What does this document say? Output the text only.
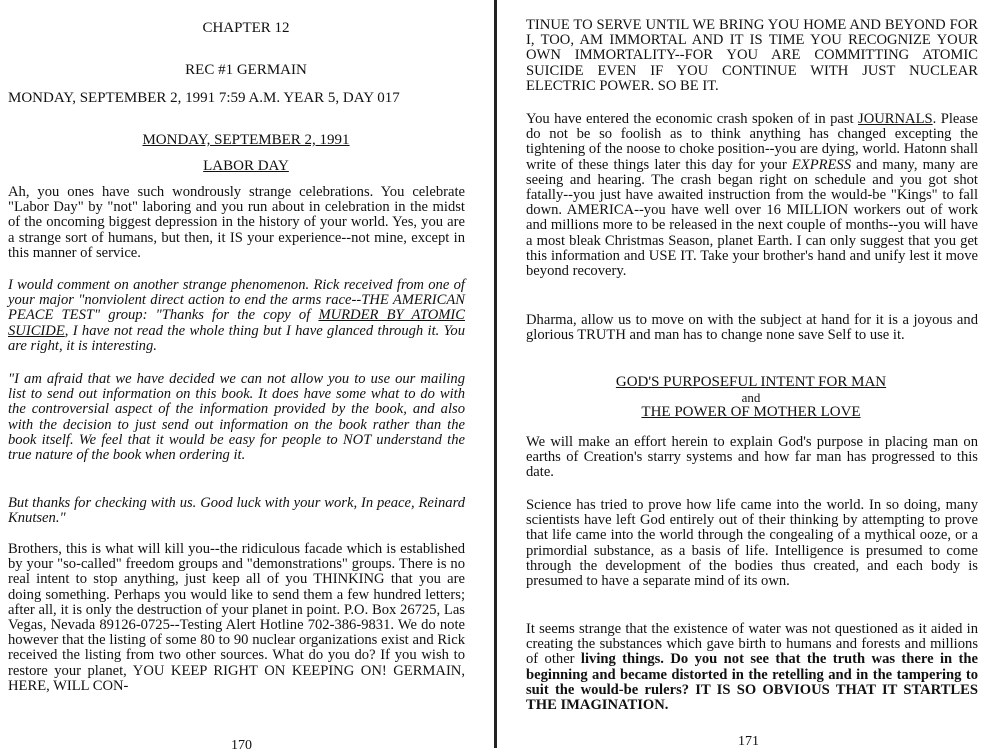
CHAPTER 12
REC #1 GERMAIN
MONDAY, SEPTEMBER 2, 1991 7:59 A.M. YEAR 5, DAY 017
MONDAY, SEPTEMBER 2, 1991
LABOR DAY
Ah, you ones have such wondrously strange celebrations. You celebrate "Labor Day" by "not" laboring and you run about in celebration in the midst of the oncoming biggest depression in the history of your world. Yes, you are a strange sort of humans, but then, it IS your experience--not mine, except in this manner of service.
I would comment on another strange phenomenon. Rick received from one of your major "nonviolent direct action to end the arms race--THE AMERICAN PEACE TEST" group: "Thanks for the copy of MURDER BY ATOMIC SUICIDE, I have not read the whole thing but I have glanced through it. You are right, it is interesting.
"I am afraid that we have decided we can not allow you to use our mailing list to send out information on this book. It does have some what to do with the controversial aspect of the information provided by the book, and also with the decision to just send out information on the book rather than the book itself. We feel that it would be easy for people to NOT understand the true nature of the book when ordering it.
But thanks for checking with us. Good luck with your work, In peace, Reinard Knutsen."
Brothers, this is what will kill you--the ridiculous facade which is established by your "so-called" freedom groups and "demonstrations" groups. There is no real intent to stop anything, just keep all of you THINKING that you are doing something. Perhaps you would like to send them a few hundred letters; after all, it is only the destruction of your planet in point. P.O. Box 26725, Las Vegas, Nevada 89126-0725--Testing Alert Hotline 702-386-9831. We do note however that the listing of some 80 to 90 nuclear organizations exist and Rick received the listing from two other sources. What do you do? If you wish to restore your planet, YOU KEEP RIGHT ON KEEPING ON! GERMAIN, HERE, WILL CON-
170
TINUE TO SERVE UNTIL WE BRING YOU HOME AND BEYOND FOR I, TOO, AM IMMORTAL AND IT IS TIME YOU RECOGNIZE YOUR OWN IMMORTALITY--FOR YOU ARE COMMITTING ATOMIC SUICIDE EVEN IF YOU CONTINUE WITH JUST NUCLEAR ELECTRIC POWER. SO BE IT.
You have entered the economic crash spoken of in past JOURNALS. Please do not be so foolish as to think anything has changed excepting the tightening of the noose to choke position--you are dying, world. Hatonn shall write of these things later this day for your EXPRESS and many, many are seeing and hearing. The crash began right on schedule and you got shot fatally--you just have awaited instruction from the would-be "Kings" to fall down. AMERICA--you have well over 16 MILLION workers out of work and millions more to be released in the next couple of months--you will have a most bleak Christmas Season, planet Earth. I can only suggest that you get this information and USE IT. Take your brother's hand and unify lest it move beyond recovery.
Dharma, allow us to move on with the subject at hand for it is a joyous and glorious TRUTH and man has to change none save Self to use it.
GOD'S PURPOSEFUL INTENT FOR MAN
and
THE POWER OF MOTHER LOVE
We will make an effort herein to explain God's purpose in placing man on earths of Creation's starry systems and how far man has progressed to this date.
Science has tried to prove how life came into the world. In so doing, many scientists have left God entirely out of their thinking by attempting to prove that life came into the world through the congealing of a mythical ooze, or a primordial substance, as a basis of life. Intelligence is presumed to come through the development of the bodies thus created, and each body is presumed to have a separate mind of its own.
It seems strange that the existence of water was not questioned as it aided in creating the substances which gave birth to humans and forests and millions of other living things. Do you not see that the truth was there in the beginning and became distorted in the retelling and in the tampering to suit the would-be rulers? IT IS SO OBVIOUS THAT IT STARTLES THE IMAGINATION.
171
